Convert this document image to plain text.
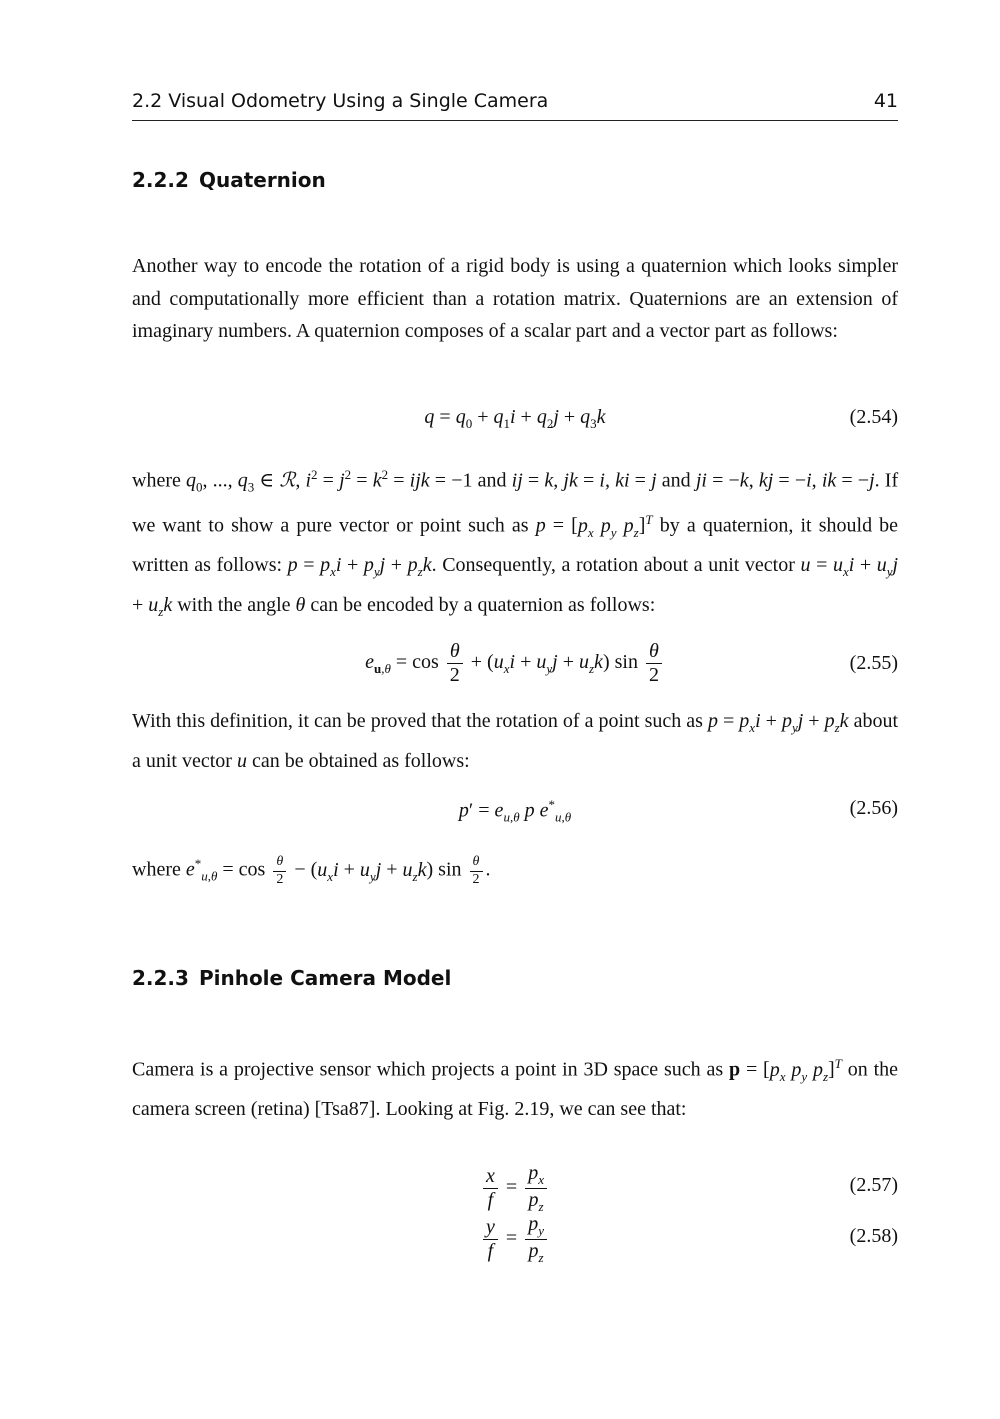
2.2 Visual Odometry Using a Single Camera	41
2.2.2 Quaternion

Another way to encode the rotation of a rigid body is using a quaternion which looks simpler and computationally more efficient than a rotation matrix. Quaternions are an extension of imaginary numbers. A quaternion composes of a scalar part and a vector part as follows:

$q = q_0 + q_1i + q_2j + q_3k$	(2.54)

where $q_0$, ..., $q_3$ ∈ ℛ, $i^2 = j^2 = k^2$ = ijk = −1 and ij = k, jk = i, ki = j and ji = −k, kj = −i, ik = −j. If we want to show a pure vector or point such as $p = [p_x$ $p_y$ $p_z]^T$ by a quaternion, it should be written as follows: $p = p_xi + p_yj + p_zk$. Consequently, a rotation about a unit vector $u = u_xi + u_yj + u_zk$ with the angle θ can be encoded by a quaternion as follows:

$e_{u,\theta} = \cos \frac{\theta}{2} + (u_xi + u_yj + u_zk)$ $\sin \frac{\theta}{2}$	(2.55)

With this definition, it can be proved that the rotation of a point such as $p = p_xi + p_yj + p_zk$ about a unit vector u can be obtained as follows:

$p' = e_{u,\theta}$ p $e^*_{u,\theta}$	(2.56)

where $e^*_{u,\theta} = \cos \frac{\theta}{2} - (u_xi + u_yj + u_zk)$ $\sin \frac{\theta}{2}$ .

2.2.3 Pinhole Camera Model

Camera is a projective sensor which projects a point in 3D space such as $p = [p_x$ $p_y$ $p_z]^T$ on the camera screen (retina) [Tsa87]. Looking at Fig. 2.19, we can see that:

$\frac{x}{f} = \frac{p_x}{p_z}$	(2.57)
$\frac{y}{f} = \frac{p_y}{p_z}$	(2.58)
